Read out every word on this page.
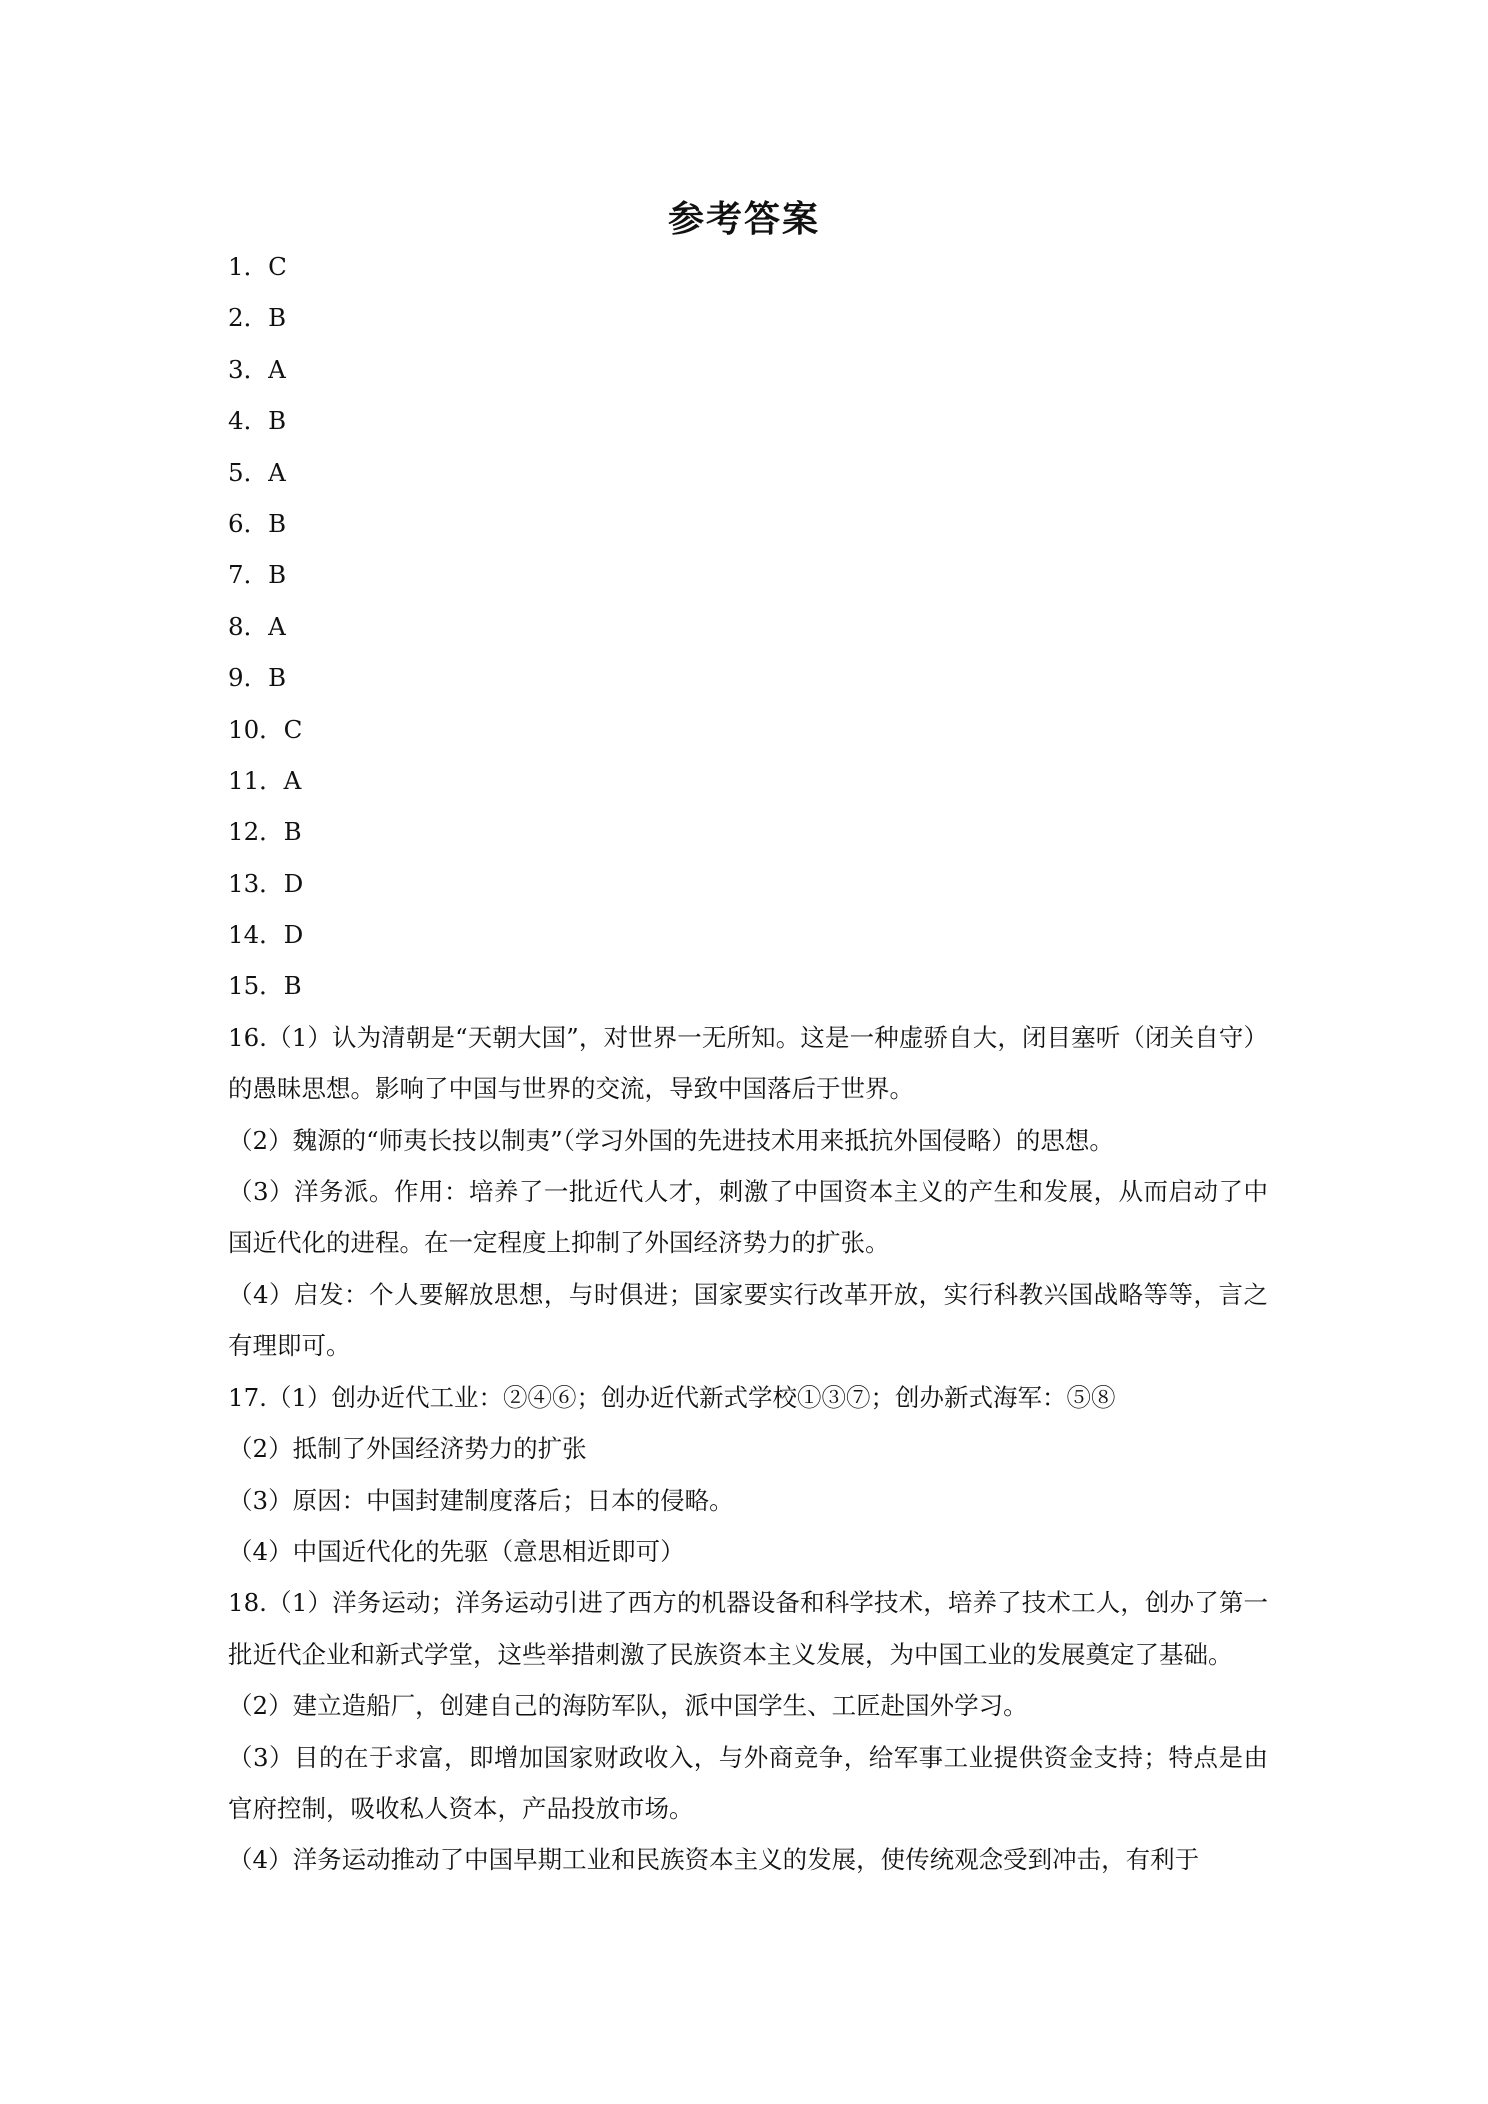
参考答案
1．C
2．B
3．A
4．B
5．A
6．B
7．B
8．A
9．B
10．C
11．A
12．B
13．D
14．D
15．B
16.（1）认为清朝是“天朝大国”，对世界一无所知。这是一种虚骄自大，闭目塞听（闭关自守）的愚昧思想。影响了中国与世界的交流，导致中国落后于世界。
（2）魏源的“师夷长技以制夷”（学习外国的先进技术用来抵抗外国侵略）的思想。
（3）洋务派。作用：培养了一批近代人才，刺激了中国资本主义的产生和发展，从而启动了中国近代化的进程。在一定程度上抑制了外国经济势力的扩张。
（4）启发：个人要解放思想，与时俱进；国家要实行改革开放，实行科教兴国战略等等，言之有理即可。
17.（1）创办近代工业：②④⑥；创办近代新式学校①③⑦；创办新式海军：⑤⑧
（2）抵制了外国经济势力的扩张
（3）原因：中国封建制度落后；日本的侵略。
（4）中国近代化的先驱（意思相近即可）
18.（1）洋务运动；洋务运动引进了西方的机器设备和科学技术，培养了技术工人，创办了第一批近代企业和新式学堂，这些举措刺激了民族资本主义发展，为中国工业的发展奠定了基础。
（2）建立造船厂，创建自己的海防军队，派中国学生、工匠赴国外学习。
（3）目的在于求富，即增加国家财政收入，与外商竞争，给军事工业提供资金支持；特点是由官府控制，吸收私人资本，产品投放市场。
（4）洋务运动推动了中国早期工业和民族资本主义的发展，使传统观念受到冲击，有利于
